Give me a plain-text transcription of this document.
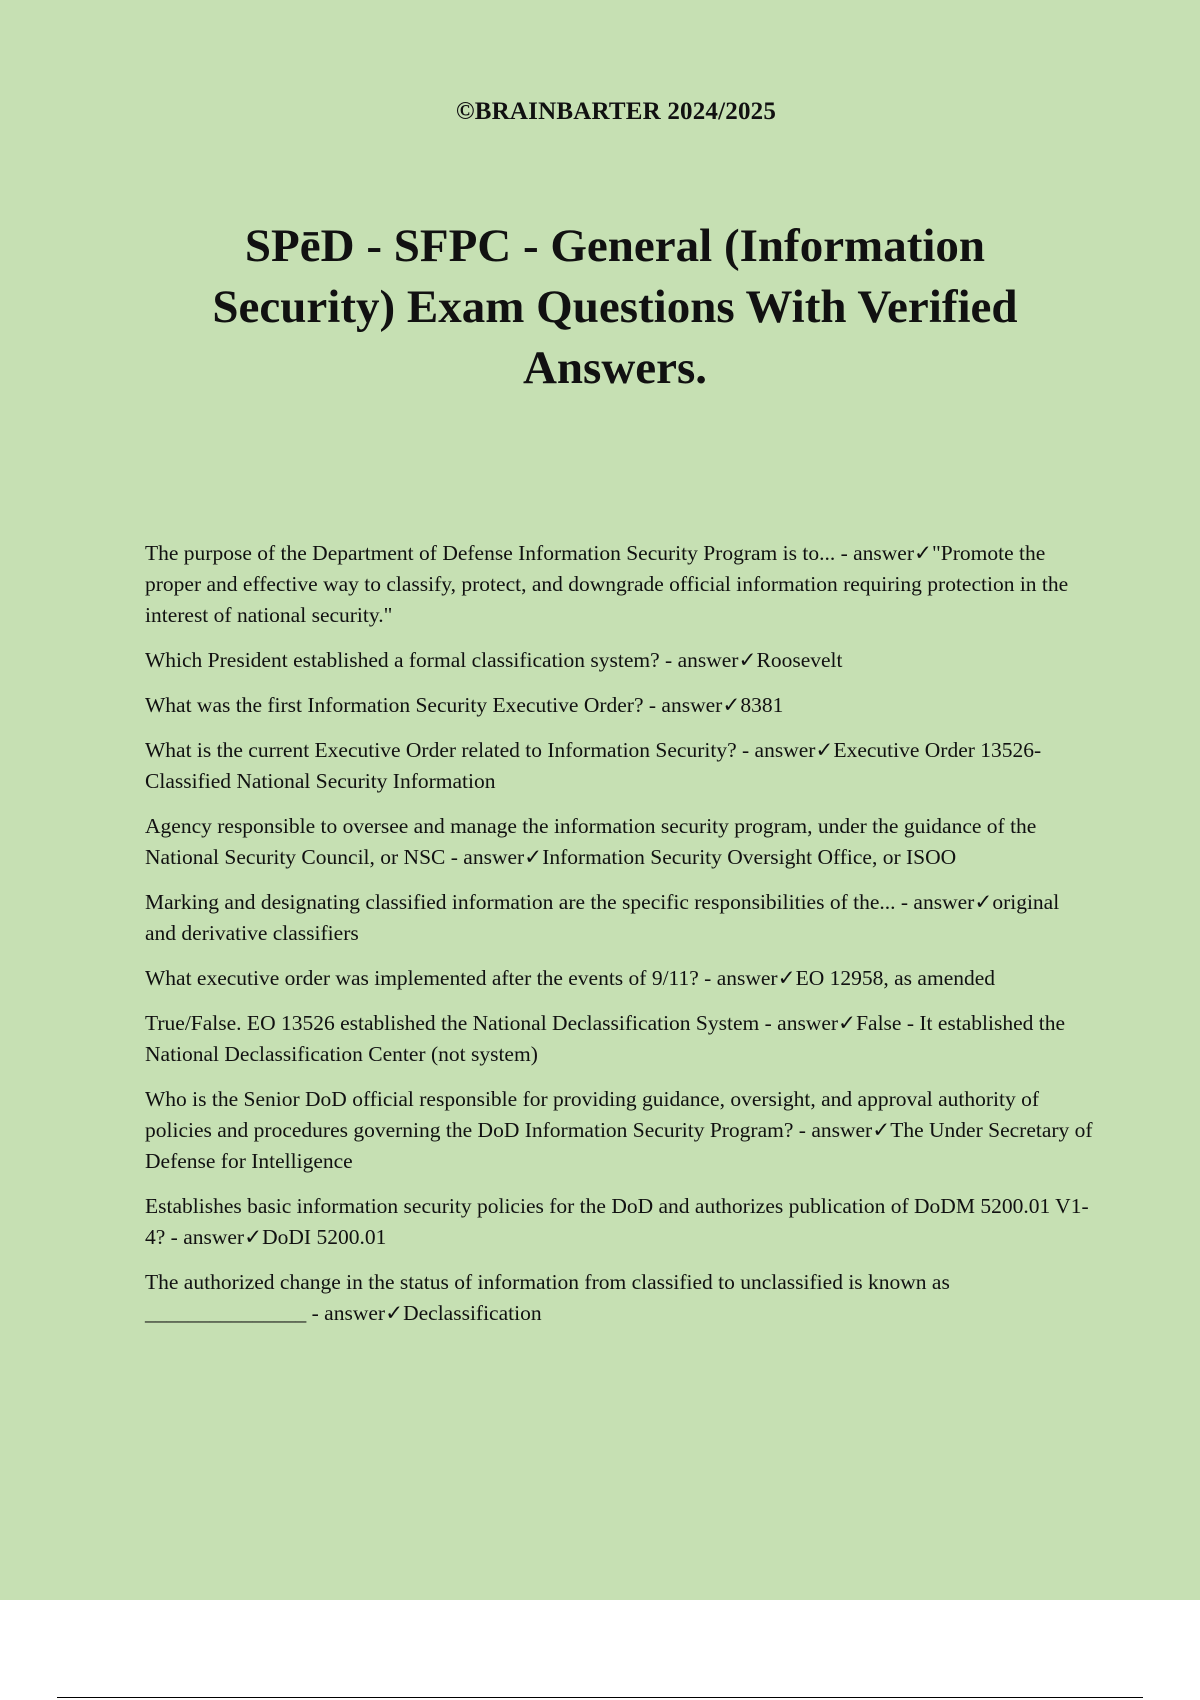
©BRAINBARTER 2024/2025
SPēD - SFPC - General (Information Security) Exam Questions With Verified Answers.
The purpose of the Department of Defense Information Security Program is to... - answer✓"Promote the proper and effective way to classify, protect, and downgrade official information requiring protection in the interest of national security."
Which President established a formal classification system? - answer✓Roosevelt
What was the first Information Security Executive Order? - answer✓8381
What is the current Executive Order related to Information Security? - answer✓Executive Order 13526- Classified National Security Information
Agency responsible to oversee and manage the information security program, under the guidance of the National Security Council, or NSC - answer✓Information Security Oversight Office, or ISOO
Marking and designating classified information are the specific responsibilities of the... - answer✓original and derivative classifiers
What executive order was implemented after the events of 9/11? - answer✓EO 12958, as amended
True/False. EO 13526 established the National Declassification System - answer✓False - It established the National Declassification Center (not system)
Who is the Senior DoD official responsible for providing guidance, oversight, and approval authority of policies and procedures governing the DoD Information Security Program? - answer✓The Under Secretary of Defense for Intelligence
Establishes basic information security policies for the DoD and authorizes publication of DoDM 5200.01 V1-4? - answer✓DoDI 5200.01
The authorized change in the status of information from classified to unclassified is known as _______________ - answer✓Declassification
